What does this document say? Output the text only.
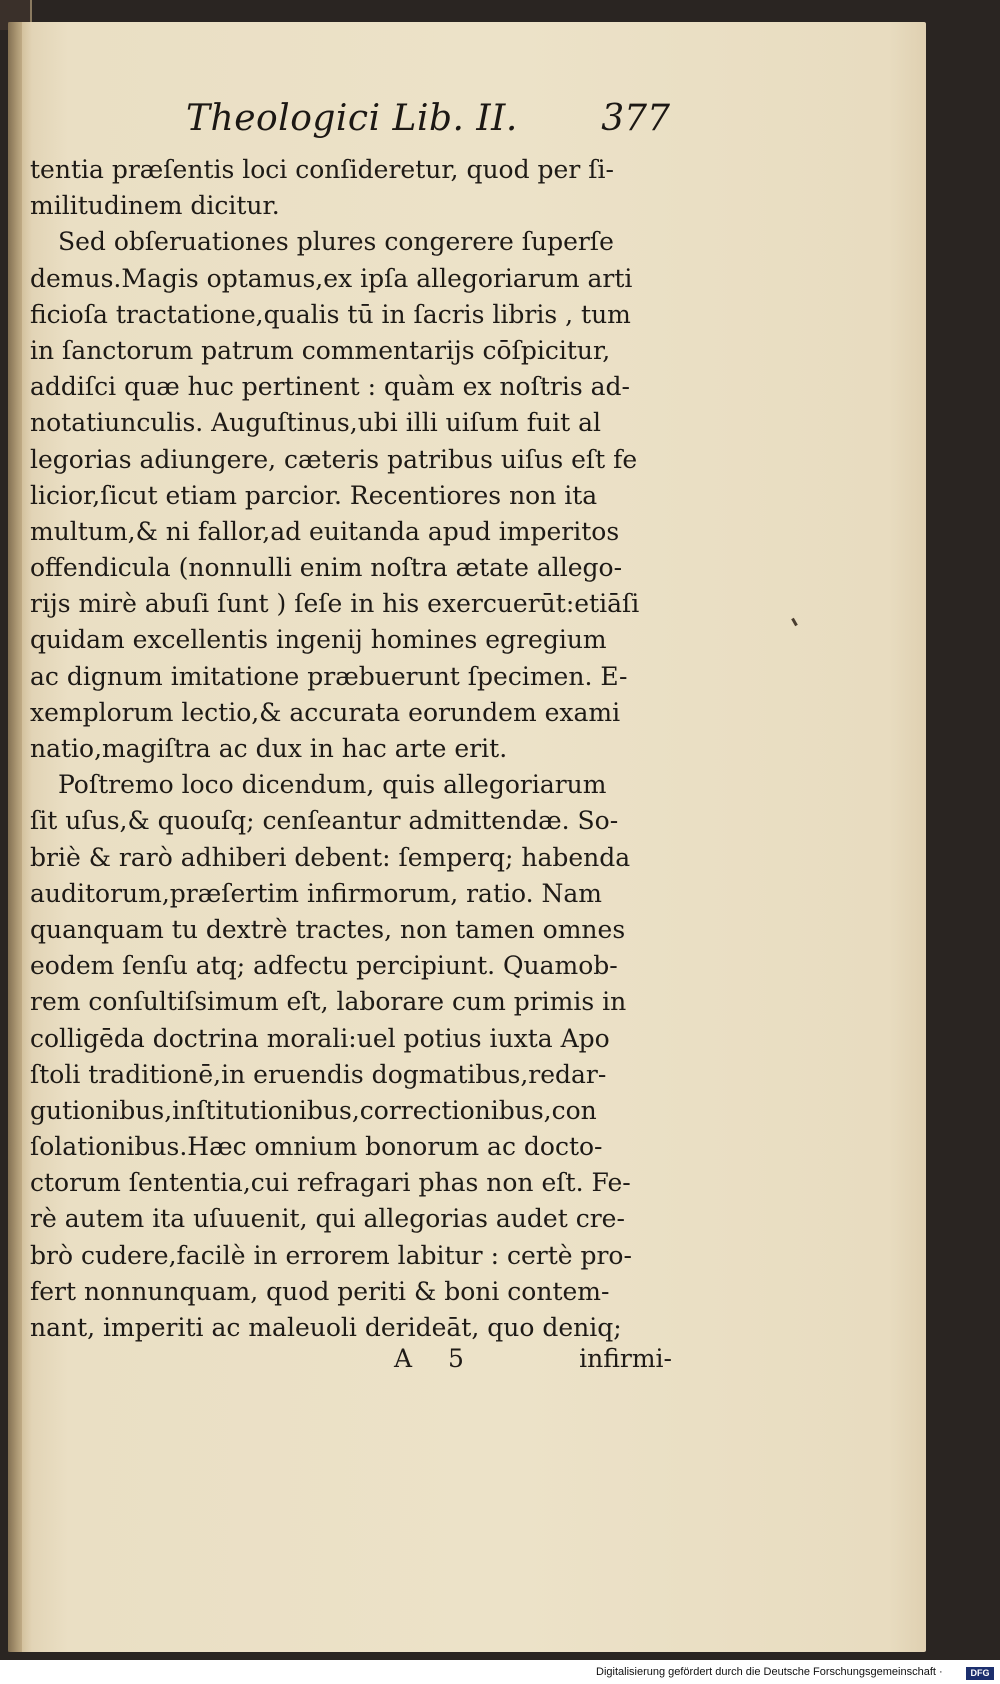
Theologici Lib. II. 377
tentia præſentis loci conſideretur, quod per ſi-
militudinem dicitur.
Sed obſeruationes plures congerere ſuperſe
demus.Magis optamus,ex ipſa allegoriarum arti
ficioſa tractatione,qualis tū in ſacris libris , tum
in ſanctorum patrum commentarijs cōſpicitur,
addiſci quæ huc pertinent : quàm ex noſtris ad-
notatiunculis. Auguſtinus,ubi illi uiſum fuit al
legorias adiungere, cæteris patribus uiſus eſt fe
licior,ſicut etiam parcior. Recentiores non ita
multum,& ni fallor,ad euitanda apud imperitos
offendicula (nonnulli enim noſtra ætate allego-
rijs mirè abuſi ſunt ) ſeſe in his exercuerūt:etiāſi
quidam excellentis ingenij homines egregium
ac dignum imitatione præbuerunt ſpecimen. E-
xemplorum lectio,& accurata eorundem exami
natio,magiſtra ac dux in hac arte erit.
Poſtremo loco dicendum, quis allegoriarum
ſit uſus,& quouſq; cenſeantur admittendæ. So-
briè & rarò adhiberi debent: ſemperq; habenda
auditorum,præſertim infirmorum, ratio. Nam
quanquam tu dextrè tractes, non tamen omnes
eodem ſenſu atq; adfectu percipiunt. Quamob-
rem conſultiſsimum eſt, laborare cum primis in
colligēda doctrina morali:uel potius iuxta Apo
ſtoli traditionē,in eruendis dogmatibus,redar-
gutionibus,inſtitutionibus,correctionibus,con
ſolationibus.Hæc omnium bonorum ac docto-
ctorum ſententia,cui refragari phas non eſt. Fe-
rè autem ita uſuuenit, qui allegorias audet cre-
brò cudere,facilè in errorem labitur : certè pro-
fert nonnunquam, quod periti & boni contem-
nant, imperiti ac maleuoli derideāt, quo deniq;
A 5	infirmi-
Digitalisierung gefördert durch die Deutsche Forschungsgemeinschaft ·	DFG
